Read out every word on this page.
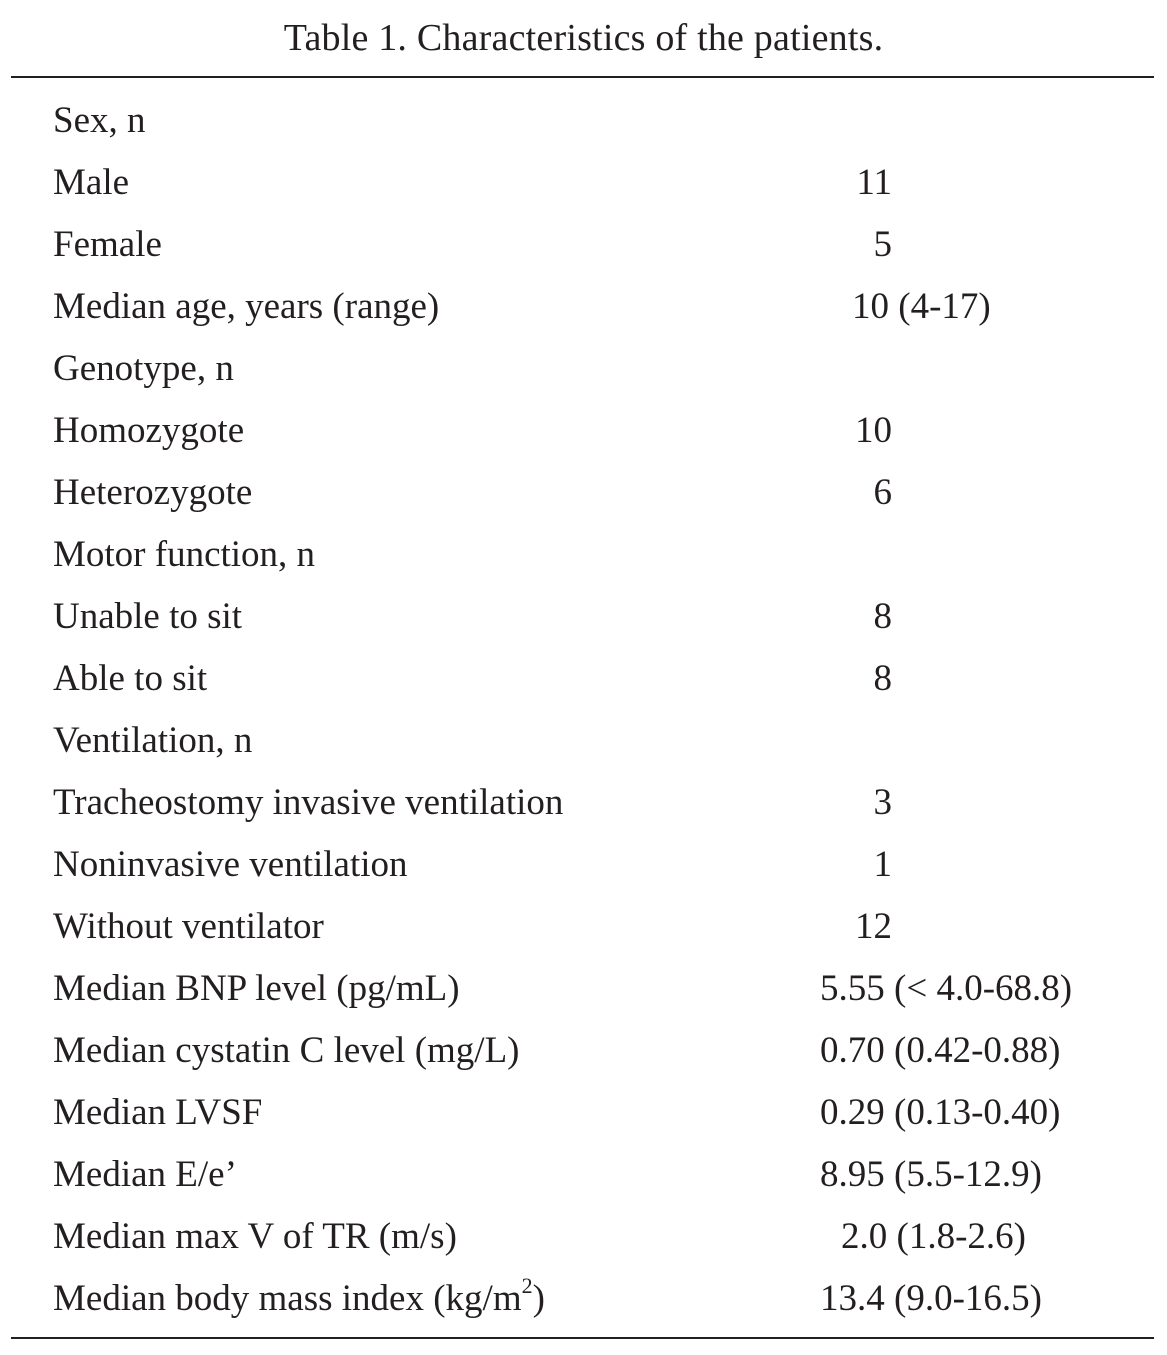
Table 1. Characteristics of the patients.
Sex, n
Male	11
Female	5
Median age, years (range)	10 (4-17)
Genotype, n
Homozygote	10
Heterozygote	6
Motor function, n
Unable to sit	8
Able to sit	8
Ventilation, n
Tracheostomy invasive ventilation	3
Noninvasive ventilation	1
Without ventilator	12
Median BNP level (pg/mL)	5.55 (< 4.0-68.8)
Median cystatin C level (mg/L)	0.70 (0.42-0.88)
Median LVSF	0.29 (0.13-0.40)
Median E/e’	8.95 (5.5-12.9)
Median max V of TR (m/s)	2.0 (1.8-2.6)
Median body mass index $(kg/m^2)$	13.4 (9.0-16.5)
